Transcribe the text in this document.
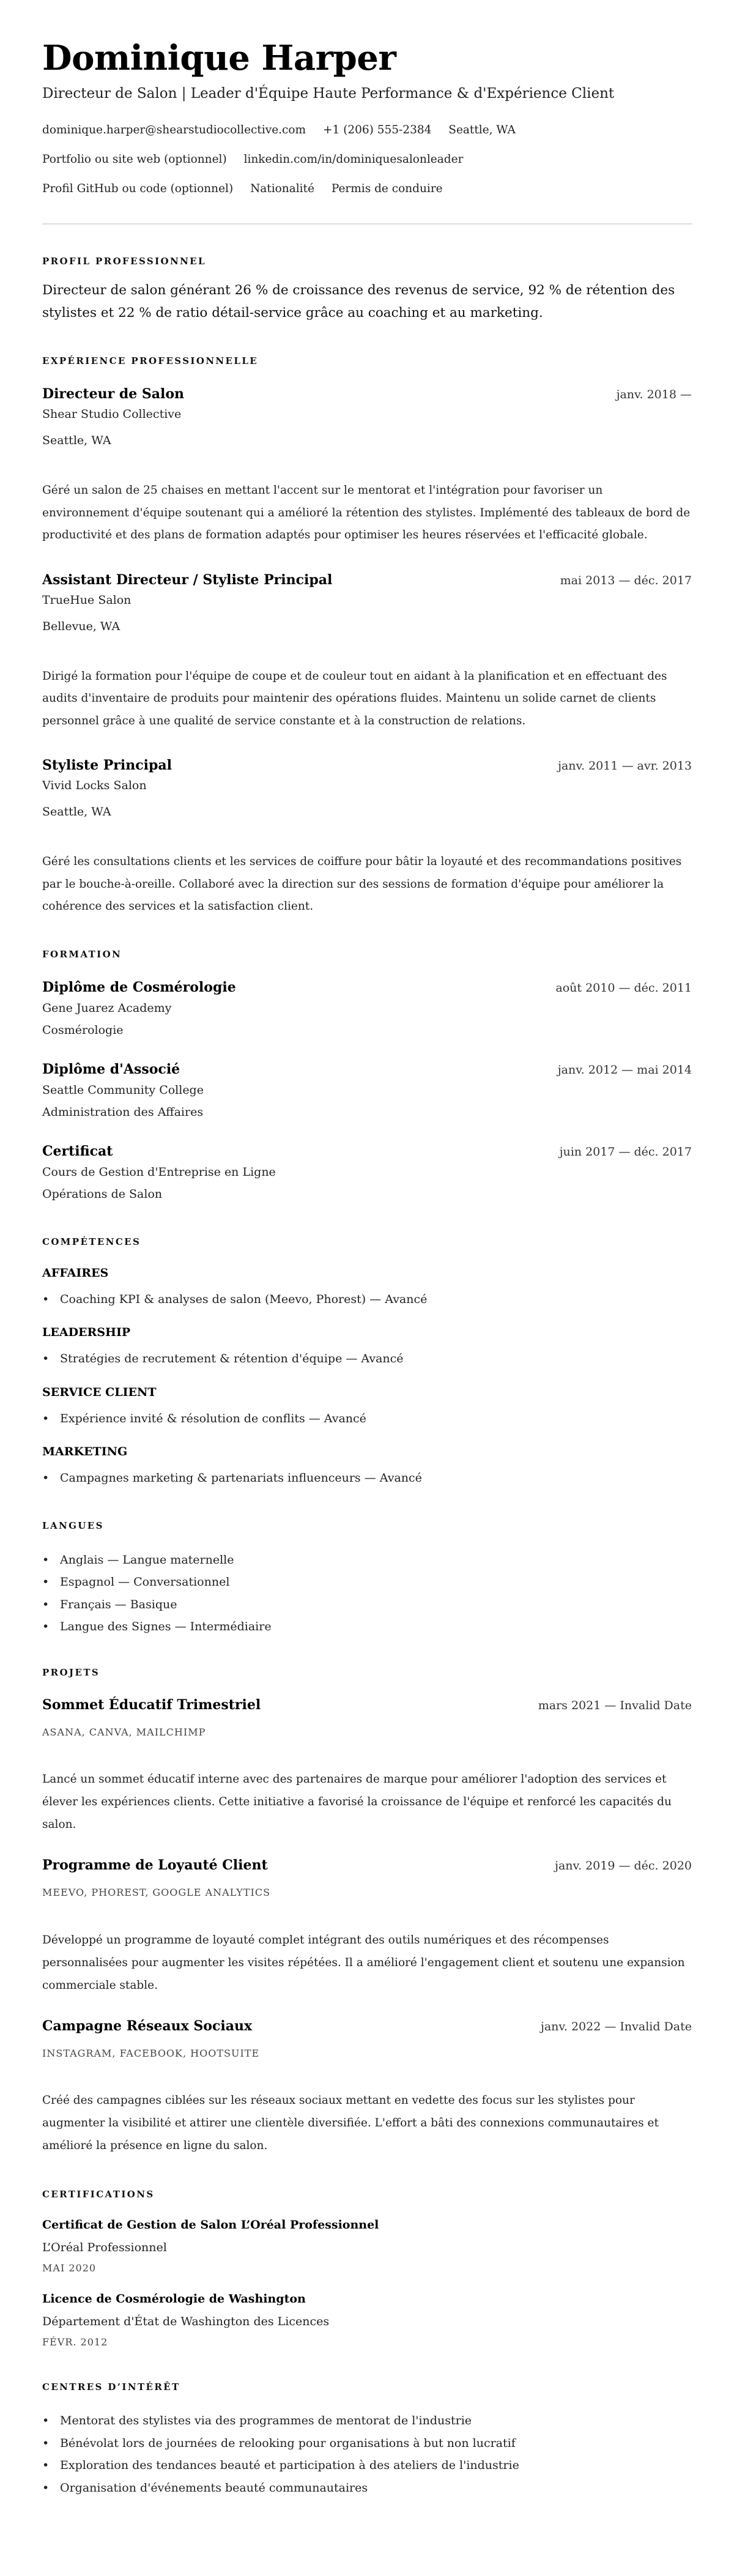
Dominique Harper
Directeur de Salon | Leader d'Équipe Haute Performance & d'Expérience Client
dominique.harper@shearstudiocollective.com +1 (206) 555-2384 Seattle, WA
Portfolio ou site web (optionnel) linkedin.com/in/dominiquesalonleader
Profil GitHub ou code (optionnel) Nationalité Permis de conduire
PROFIL PROFESSIONNEL
Directeur de salon générant 26 % de croissance des revenus de service, 92 % de rétention des stylistes et 22 % de ratio détail-service grâce au coaching et au marketing.
EXPÉRIENCE PROFESSIONNELLE
Directeur de Salon	janv. 2018 —
Shear Studio Collective
Seattle, WA
Géré un salon de 25 chaises en mettant l'accent sur le mentorat et l'intégration pour favoriser un environnement d'équipe soutenant qui a amélioré la rétention des stylistes. Implémenté des tableaux de bord de productivité et des plans de formation adaptés pour optimiser les heures réservées et l'efficacité globale.
Assistant Directeur / Styliste Principal	mai 2013 — déc. 2017
TrueHue Salon
Bellevue, WA
Dirigé la formation pour l'équipe de coupe et de couleur tout en aidant à la planification et en effectuant des audits d'inventaire de produits pour maintenir des opérations fluides. Maintenu un solide carnet de clients personnel grâce à une qualité de service constante et à la construction de relations.
Styliste Principal	janv. 2011 — avr. 2013
Vivid Locks Salon
Seattle, WA
Géré les consultations clients et les services de coiffure pour bâtir la loyauté et des recommandations positives par le bouche-à-oreille. Collaboré avec la direction sur des sessions de formation d'équipe pour améliorer la cohérence des services et la satisfaction client.
FORMATION
Diplôme de Cosmérologie	août 2010 — déc. 2011
Gene Juarez Academy
Cosmérologie
Diplôme d'Associé	janv. 2012 — mai 2014
Seattle Community College
Administration des Affaires
Certificat	juin 2017 — déc. 2017
Cours de Gestion d'Entreprise en Ligne
Opérations de Salon
COMPÉTENCES
AFFAIRES
• Coaching KPI & analyses de salon (Meevo, Phorest) — Avancé
LEADERSHIP
• Stratégies de recrutement & rétention d'équipe — Avancé
SERVICE CLIENT
• Expérience invité & résolution de conflits — Avancé
MARKETING
• Campagnes marketing & partenariats influenceurs — Avancé
LANGUES
• Anglais — Langue maternelle
• Espagnol — Conversationnel
• Français — Basique
• Langue des Signes — Intermédiaire
PROJETS
Sommet Éducatif Trimestriel	mars 2021 — Invalid Date
ASANA, CANVA, MAILCHIMP
Lancé un sommet éducatif interne avec des partenaires de marque pour améliorer l'adoption des services et élever les expériences clients. Cette initiative a favorisé la croissance de l'équipe et renforcé les capacités du salon.
Programme de Loyauté Client	janv. 2019 — déc. 2020
MEEVO, PHOREST, GOOGLE ANALYTICS
Développé un programme de loyauté complet intégrant des outils numériques et des récompenses personnalisées pour augmenter les visites répétées. Il a amélioré l'engagement client et soutenu une expansion commerciale stable.
Campagne Réseaux Sociaux	janv. 2022 — Invalid Date
INSTAGRAM, FACEBOOK, HOOTSUITE
Créé des campagnes ciblées sur les réseaux sociaux mettant en vedette des focus sur les stylistes pour augmenter la visibilité et attirer une clientèle diversifiée. L'effort a bâti des connexions communautaires et amélioré la présence en ligne du salon.
CERTIFICATIONS
Certificat de Gestion de Salon L’Oréal Professionnel
L’Oréal Professionnel
MAI 2020
Licence de Cosmérologie de Washington
Département d'État de Washington des Licences
FÉVR. 2012
CENTRES D’INTÉRÊT
• Mentorat des stylistes via des programmes de mentorat de l'industrie
• Bénévolat lors de journées de relooking pour organisations à but non lucratif
• Exploration des tendances beauté et participation à des ateliers de l'industrie
• Organisation d'événements beauté communautaires
